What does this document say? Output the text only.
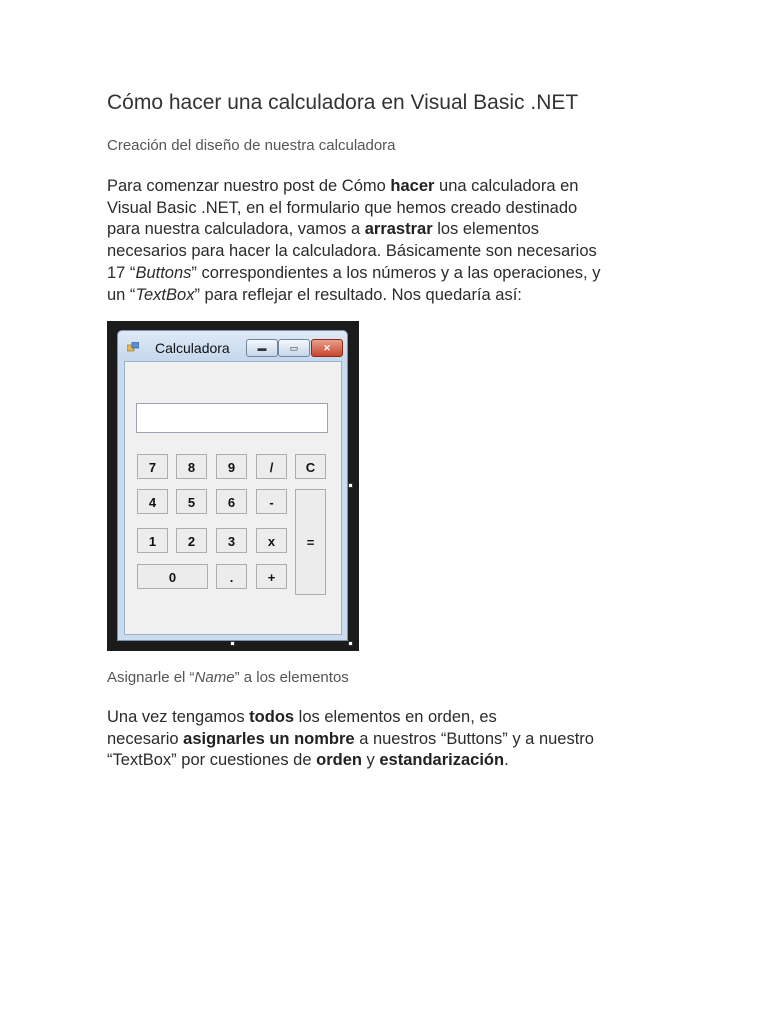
Cómo hacer una calculadora en Visual Basic .NET
Creación del diseño de nuestra calculadora

Para comenzar nuestro post de Cómo hacer una calculadora en
Visual Basic .NET, en el formulario que hemos creado destinado
para nuestra calculadora, vamos a arrastrar los elementos
necesarios para hacer la calculadora. Básicamente son necesarios
17 “Buttons” correspondientes a los números y a las operaciones, y
un “TextBox” para reflejar el resultado. Nos quedaría así:

Calculadora	▬	▭	✕
7	8	9	/	C
4	5	6	-
=
1	2	3	x
0	.	+
Asignarle el “Name” a los elementos

Una vez tengamos todos los elementos en orden, es
necesario asignarles un nombre a nuestros “Buttons” y a nuestro
“TextBox” por cuestiones de orden y estandarización.
